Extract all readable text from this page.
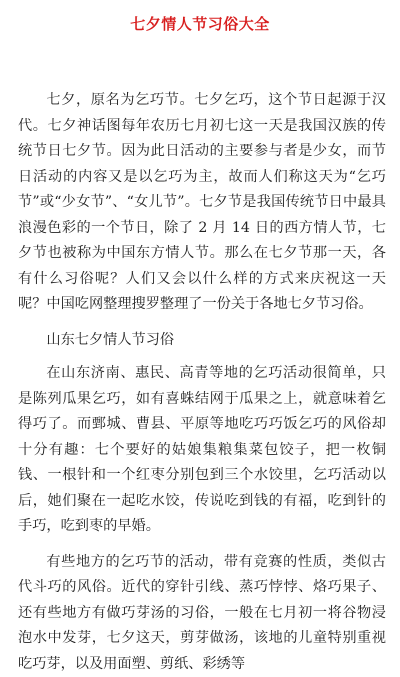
七夕情人节习俗大全

七夕，原名为乞巧节。七夕乞巧，这个节日起源于汉代。七夕神话图每年农历七月初七这一天是我国汉族的传统节日七夕节。因为此日活动的主要参与者是少女，而节日活动的内容又是以乞巧为主，故而人们称这天为“乞巧节”或“少女节”、“女儿节”。七夕节是我国传统节日中最具浪漫色彩的一个节日，除了 2 月 14 日的西方情人节，七夕节也被称为中国东方情人节。那么在七夕节那一天，各有什么习俗呢？人们又会以什么样的方式来庆祝这一天呢？中国吃网整理搜罗整理了一份关于各地七夕节习俗。

山东七夕情人节习俗

在山东济南、惠民、高青等地的乞巧活动很简单，只是陈列瓜果乞巧，如有喜蛛结网于瓜果之上，就意味着乞得巧了。而鄄城、曹县、平原等地吃巧巧饭乞巧的风俗却十分有趣：七个要好的姑娘集粮集菜包饺子，把一枚铜钱、一根针和一个红枣分别包到三个水饺里，乞巧活动以后，她们聚在一起吃水饺，传说吃到钱的有福，吃到针的手巧，吃到枣的早婚。

有些地方的乞巧节的活动，带有竞赛的性质，类似古代斗巧的风俗。近代的穿针引线、蒸巧悖悖、烙巧果子、还有些地方有做巧芽汤的习俗，一般在七月初一将谷物浸泡水中发芽，七夕这天，剪芽做汤，该地的儿童特别重视吃巧芽，以及用面塑、剪纸、彩绣等
